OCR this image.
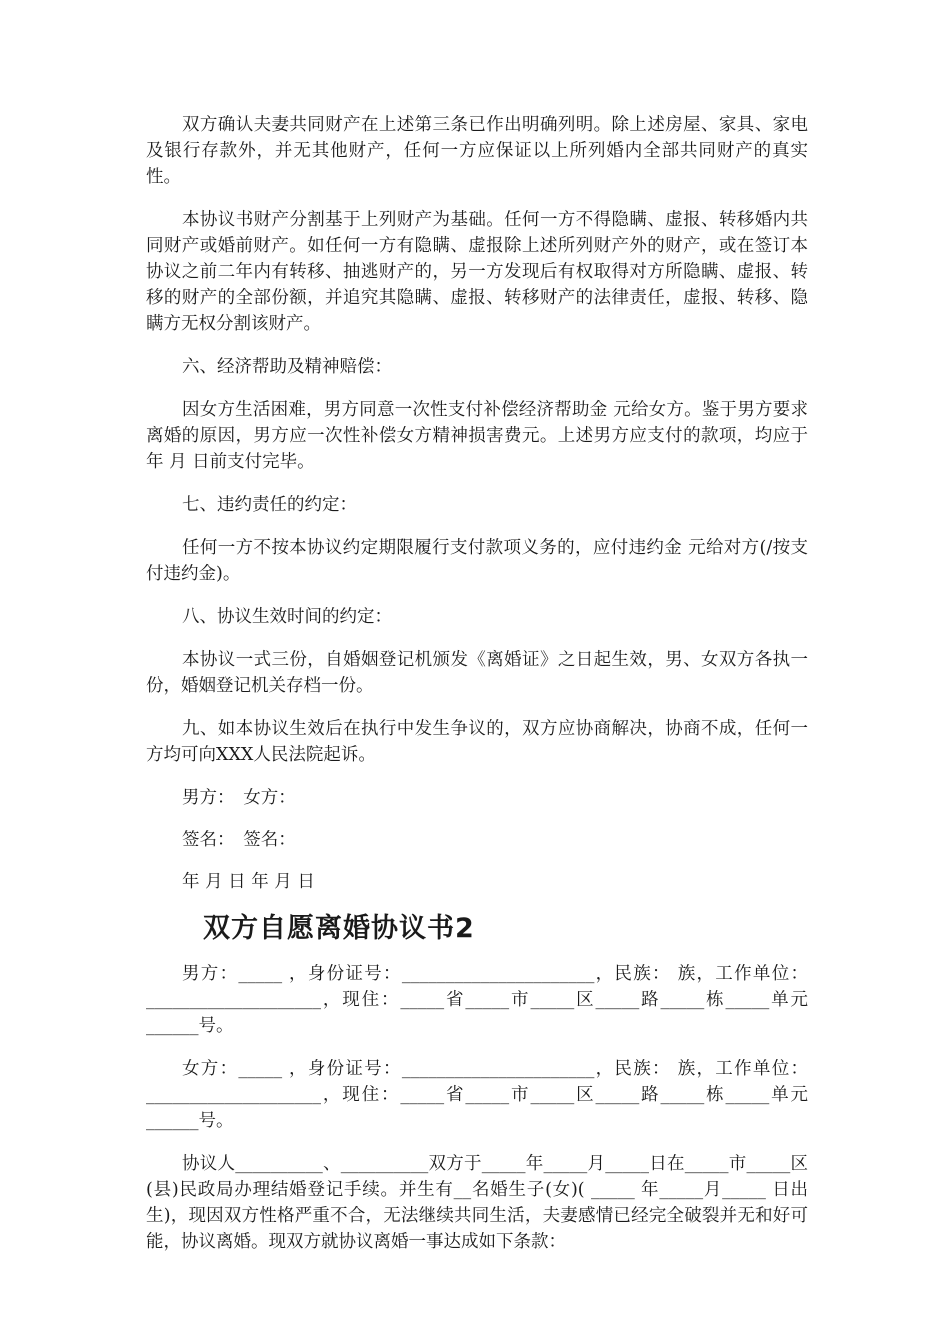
双方确认夫妻共同财产在上述第三条已作出明确列明。除上述房屋、家具、家电及银行存款外，并无其他财产，任何一方应保证以上所列婚内全部共同财产的真实性。

本协议书财产分割基于上列财产为基础。任何一方不得隐瞒、虚报、转移婚内共同财产或婚前财产。如任何一方有隐瞒、虚报除上述所列财产外的财产，或在签订本协议之前二年内有转移、抽逃财产的，另一方发现后有权取得对方所隐瞒、虚报、转移的财产的全部份额，并追究其隐瞒、虚报、转移财产的法律责任，虚报、转移、隐瞒方无权分割该财产。

六、经济帮助及精神赔偿：

因女方生活困难，男方同意一次性支付补偿经济帮助金 元给女方。鉴于男方要求离婚的原因，男方应一次性补偿女方精神损害费元。上述男方应支付的款项，均应于 年 月 日前支付完毕。

七、违约责任的约定：

任何一方不按本协议约定期限履行支付款项义务的，应付违约金 元给对方(/按支付违约金)。

八、协议生效时间的约定：

本协议一式三份，自婚姻登记机颁发《离婚证》之日起生效，男、女双方各执一份，婚姻登记机关存档一份。

九、如本协议生效后在执行中发生争议的，双方应协商解决，协商不成，任何一方均可向XXX人民法院起诉。

男方：　女方：

签名：　签名：

年 月 日 年 月 日

双方自愿离婚协议书2

男方：_____ ，身份证号：______________________，民族： 族，工作单位：____________________，现住：_____省_____市_____区_____路_____栋_____单元______号。

女方：_____ ，身份证号：______________________，民族： 族，工作单位：____________________，现住：_____省_____市_____区_____路_____栋_____单元______号。

协议人__________、__________双方于_____年_____月_____日在_____市_____区(县)民政局办理结婚登记手续。并生有__名婚生子(女)( _____ 年_____月_____ 日出生)，现因双方性格严重不合，无法继续共同生活，夫妻感情已经完全破裂并无和好可能，协议离婚。现双方就协议离婚一事达成如下条款：
